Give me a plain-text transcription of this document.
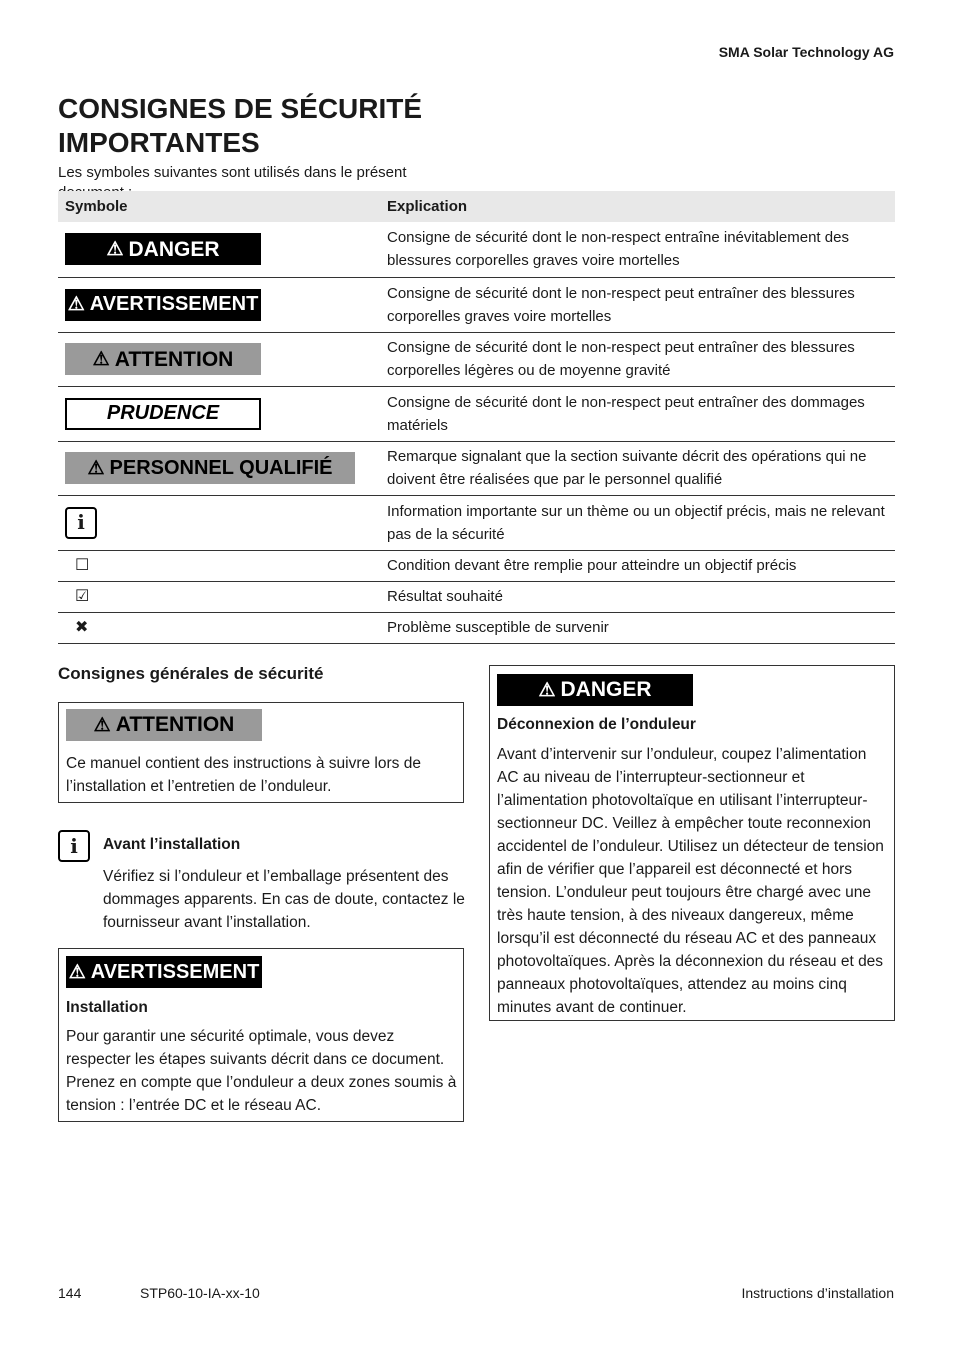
SMA Solar Technology AG
CONSIGNES DE SÉCURITÉ
IMPORTANTES
Les symboles suivantes sont utilisés dans le présent
Symbole	Explication

⚠ DANGER	Consigne de sécurité dont le non-respect entraîne inévitablement des blessures corporelles graves voire mortelles

⚠ AVERTISSEMENT	Consigne de sécurité dont le non-respect peut entraîner des blessures corporelles graves voire mortelles

⚠ ATTENTION	Consigne de sécurité dont le non-respect peut entraîner des blessures corporelles légères ou de moyenne gravité
PRUDENCE	Consigne de sécurité dont le non-respect peut entraîner des dommages matériels

⚠ PERSONNEL QUALIFIÉ	Remarque signalant que la section suivante décrit des opérations qui ne doivent être réalisées que par le personnel qualifié
i	Information importante sur un thème ou un objectif précis, mais ne relevant pas de la sécurité
☐	Condition devant être remplie pour atteindre un objectif précis
☑	Résultat souhaité
✖	Problème susceptible de survenir
Consignes générales de sécurité
⚠ ATTENTION

Ce manuel contient des instructions à suivre lors de l’installation et l’entretien de l’onduleur.

i	Avant l’installation

Vérifiez si l’onduleur et l’emballage présentent des dommages apparents. En cas de doute, contactez le fournisseur avant l’installation.

⚠ AVERTISSEMENT
Installation

Pour garantir une sécurité optimale, vous devez respecter les étapes suivants décrit dans ce document. Prenez en compte que l’onduleur a deux zones soumis à tension : l’entrée DC et le réseau AC.

⚠ DANGER
Déconnexion de l’onduleur

Avant d’intervenir sur l’onduleur, coupez l’alimentation AC au niveau de l’interrupteur-sectionneur et l’alimentation photovoltaïque en utilisant l’interrupteur-sectionneur DC. Veillez à empêcher toute reconnexion accidentel de l’onduleur. Utilisez un détecteur de tension afin de vérifier que l’appareil est déconnecté et hors tension. L’onduleur peut toujours être chargé avec une très haute tension, à des niveaux dangereux, même lorsqu’il est déconnecté du réseau AC et des panneaux photovoltaïques. Après la déconnexion du réseau et des panneaux photovoltaïques, attendez au moins cinq minutes avant de continuer.

144	STP60-10-IA-xx-10	Instructions d’installation
